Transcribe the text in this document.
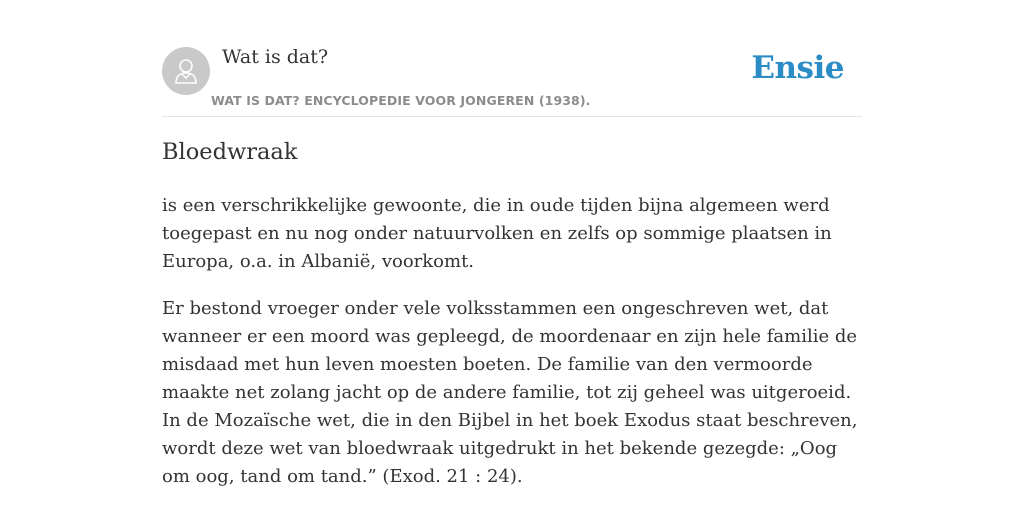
Wat is dat?
WAT IS DAT? ENCYCLOPEDIE VOOR JONGEREN (1938).
Ensie
Bloedwraak

is een verschrikkelijke gewoonte, die in oude tijden bijna algemeen werd toegepast en nu nog onder natuurvolken en zelfs op sommige plaatsen in Europa, o.a. in Albanië, voorkomt.

Er bestond vroeger onder vele volksstammen een ongeschreven wet, dat wanneer er een moord was gepleegd, de moordenaar en zijn hele familie de misdaad met hun leven moesten boeten. De familie van den vermoorde maakte net zolang jacht op de andere familie, tot zij geheel was uitgeroeid. In de Mozaïsche wet, die in den Bijbel in het boek Exodus staat beschreven, wordt deze wet van bloedwraak uitgedrukt in het bekende gezegde: „Oog om oog, tand om tand.” (Exod. 21 : 24).
